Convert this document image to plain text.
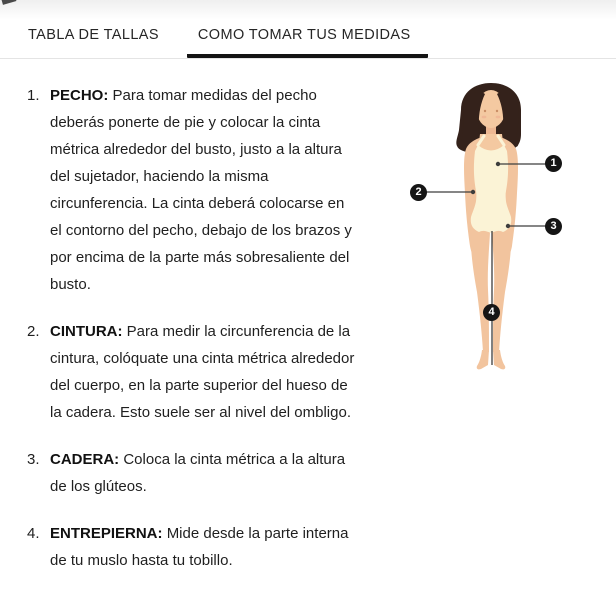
TABLA DE TALLAS	COMO TOMAR TUS MEDIDAS
1. PECHO: Para tomar medidas del pecho deberás ponerte de pie y colocar la cinta métrica alrededor del busto, justo a la altura del sujetador, haciendo la misma circunferencia. La cinta deberá colocarse en el contorno del pecho, debajo de los brazos y por encima de la parte más sobresaliente del busto.

2. CINTURA: Para medir la circunferencia de la cintura, colóquate una cinta métrica alrededor del cuerpo, en la parte superior del hueso de la cadera. Esto suele ser al nivel del ombligo.

3. CADERA: Coloca la cinta métrica a la altura de los glúteos.

4. ENTREPIERNA: Mide desde la parte interna de tu muslo hasta tu tobillo.

1
2
3
4
